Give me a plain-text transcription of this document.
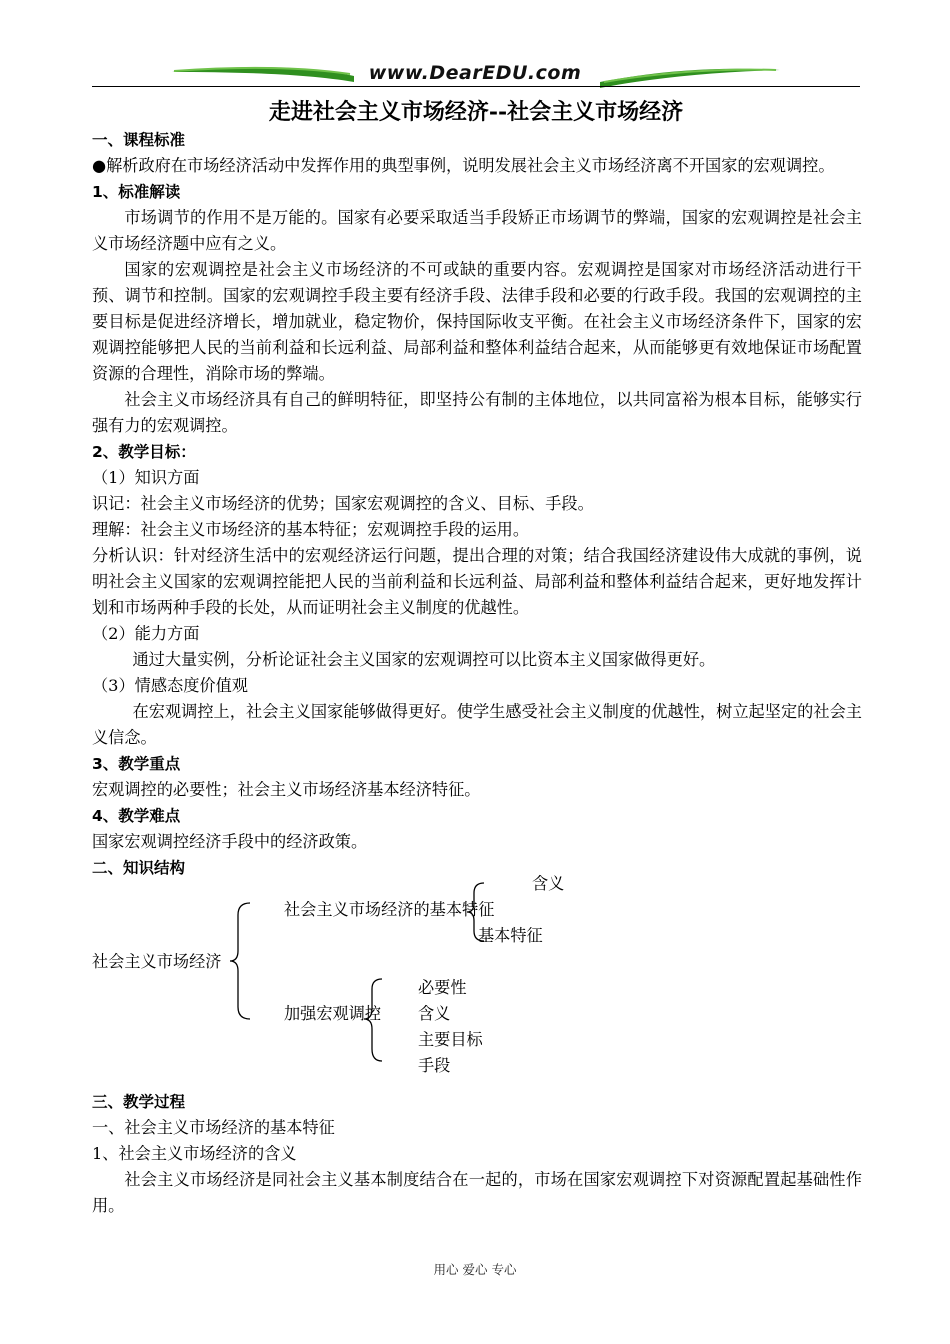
www.DearEDU.com
走进社会主义市场经济--社会主义市场经济

一、课程标准

●解析政府在市场经济活动中发挥作用的典型事例，说明发展社会主义市场经济离不开国家的宏观调控。

1、标准解读

市场调节的作用不是万能的。国家有必要采取适当手段矫正市场调节的弊端，国家的宏观调控是社会主义市场经济题中应有之义。

国家的宏观调控是社会主义市场经济的不可或缺的重要内容。宏观调控是国家对市场经济活动进行干预、调节和控制。国家的宏观调控手段主要有经济手段、法律手段和必要的行政手段。我国的宏观调控的主要目标是促进经济增长，增加就业，稳定物价，保持国际收支平衡。在社会主义市场经济条件下，国家的宏观调控能够把人民的当前利益和长远利益、局部利益和整体利益结合起来，从而能够更有效地保证市场配置资源的合理性，消除市场的弊端。

社会主义市场经济具有自己的鲜明特征，即坚持公有制的主体地位，以共同富裕为根本目标，能够实行强有力的宏观调控。

2、教学目标：

（1）知识方面

识记：社会主义市场经济的优势；国家宏观调控的含义、目标、手段。

理解：社会主义市场经济的基本特征；宏观调控手段的运用。

分析认识：针对经济生活中的宏观经济运行问题，提出合理的对策；结合我国经济建设伟大成就的事例，说明社会主义国家的宏观调控能把人民的当前利益和长远利益、局部利益和整体利益结合起来，更好地发挥计划和市场两种手段的长处，从而证明社会主义制度的优越性。

（2）能力方面

通过大量实例，分析论证社会主义国家的宏观调控可以比资本主义国家做得更好。

（3）情感态度价值观

在宏观调控上，社会主义国家能够做得更好。使学生感受社会主义制度的优越性，树立起坚定的社会主义信念。

3、教学重点

宏观调控的必要性；社会主义市场经济基本经济特征。

4、教学难点

国家宏观调控经济手段中的经济政策。

二、知识结构

社会主义市场经济
社会主义市场经济的基本特征
含义
基本特征
加强宏观调控
必要性
含义
主要目标
手段

三、教学过程

一、社会主义市场经济的基本特征

1、社会主义市场经济的含义

社会主义市场经济是同社会主义基本制度结合在一起的，市场在国家宏观调控下对资源配置起基础性作用。

用心 爱心 专心
